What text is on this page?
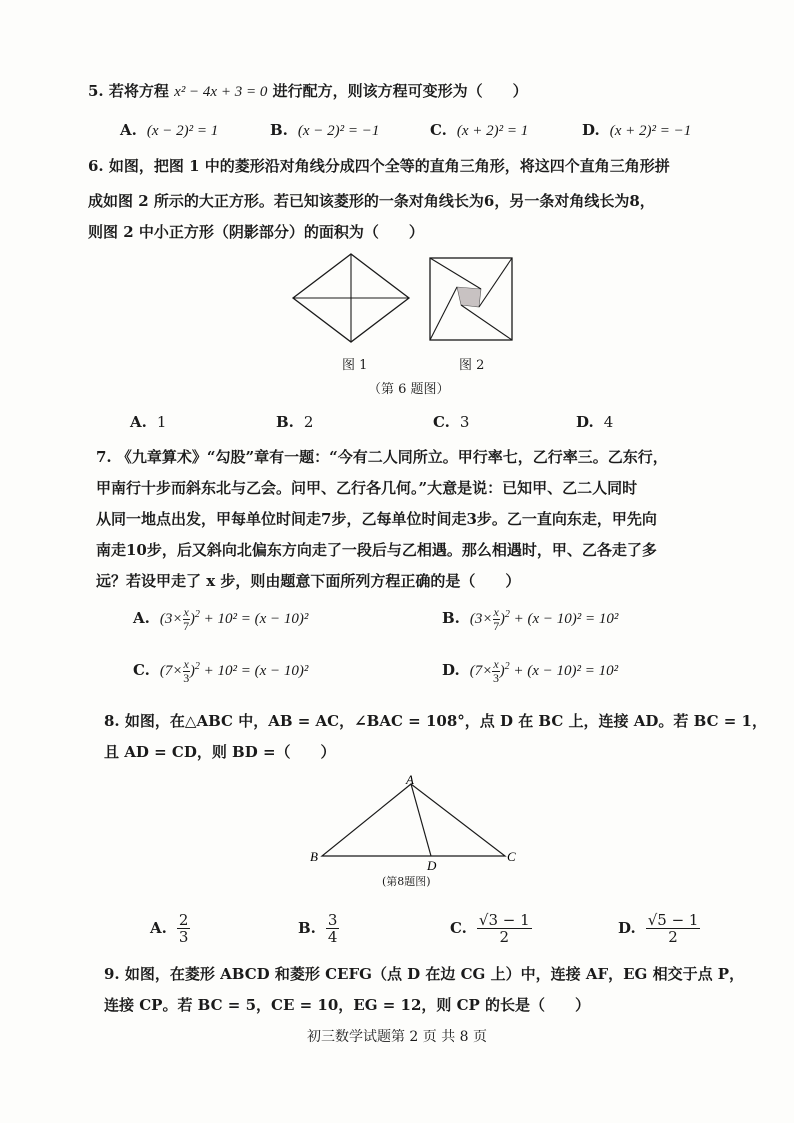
5. 若将方程 x² − 4x + 3 = 0 进行配方，则该方程可变形为（　　）
A. (x − 2)² = 1	B. (x − 2)² = −1	C. (x + 2)² = 1	D. (x + 2)² = −1
6. 如图，把图 1 中的菱形沿对角线分成四个全等的直角三角形，将这四个直角三角形拼
成如图 2 所示的大正方形。若已知该菱形的一条对角线长为6，另一条对角线长为8，
则图 2 中小正方形（阴影部分）的面积为（　　）
图 1	图 2
（第 6 题图）
A. 1	B. 2	C. 3	D. 4
7. 《九章算术》“勾股”章有一题：“今有二人同所立。甲行率七，乙行率三。乙东行，
甲南行十步而斜东北与乙会。问甲、乙行各几何。”大意是说：已知甲、乙二人同时
从同一地点出发，甲每单位时间走7步，乙每单位时间走3步。乙一直向东走，甲先向
南走10步，后又斜向北偏东方向走了一段后与乙相遇。那么相遇时，甲、乙各走了多
远？若设甲走了 x 步，则由题意下面所列方程正确的是（　　）
A. $(3\times \frac{x}{7} )^2 + 10^2 = (x - 10)^2$	B. $(3\times \frac{x}{7} )^2 + (x - 10)^2 = 10^2$
C. $(7\times \frac{x}{3} )^2 + 10^2 = (x - 10)^2$	D. $(7\times \frac{x}{3} )^2 + (x - 10)^2 = 10^2$
8. 如图，在△ABC 中，AB = AC，∠BAC = 108°，点 D 在 BC 上，连接 AD。若 BC = 1，
且 AD = CD，则 BD =（　　）
A
B	C
D
(第8题图)
A. $\frac{2}{3}$	B. $\frac{3}{4}$	C. $\frac{√3 - 1}{2}$	D. $\frac{√5 - 1}{2}$
9. 如图，在菱形 ABCD 和菱形 CEFG（点 D 在边 CG 上）中，连接 AF，EG 相交于点 P，
连接 CP。若 BC = 5，CE = 10，EG = 12，则 CP 的长是（　　）
初三数学试题第 2 页 共 8 页
